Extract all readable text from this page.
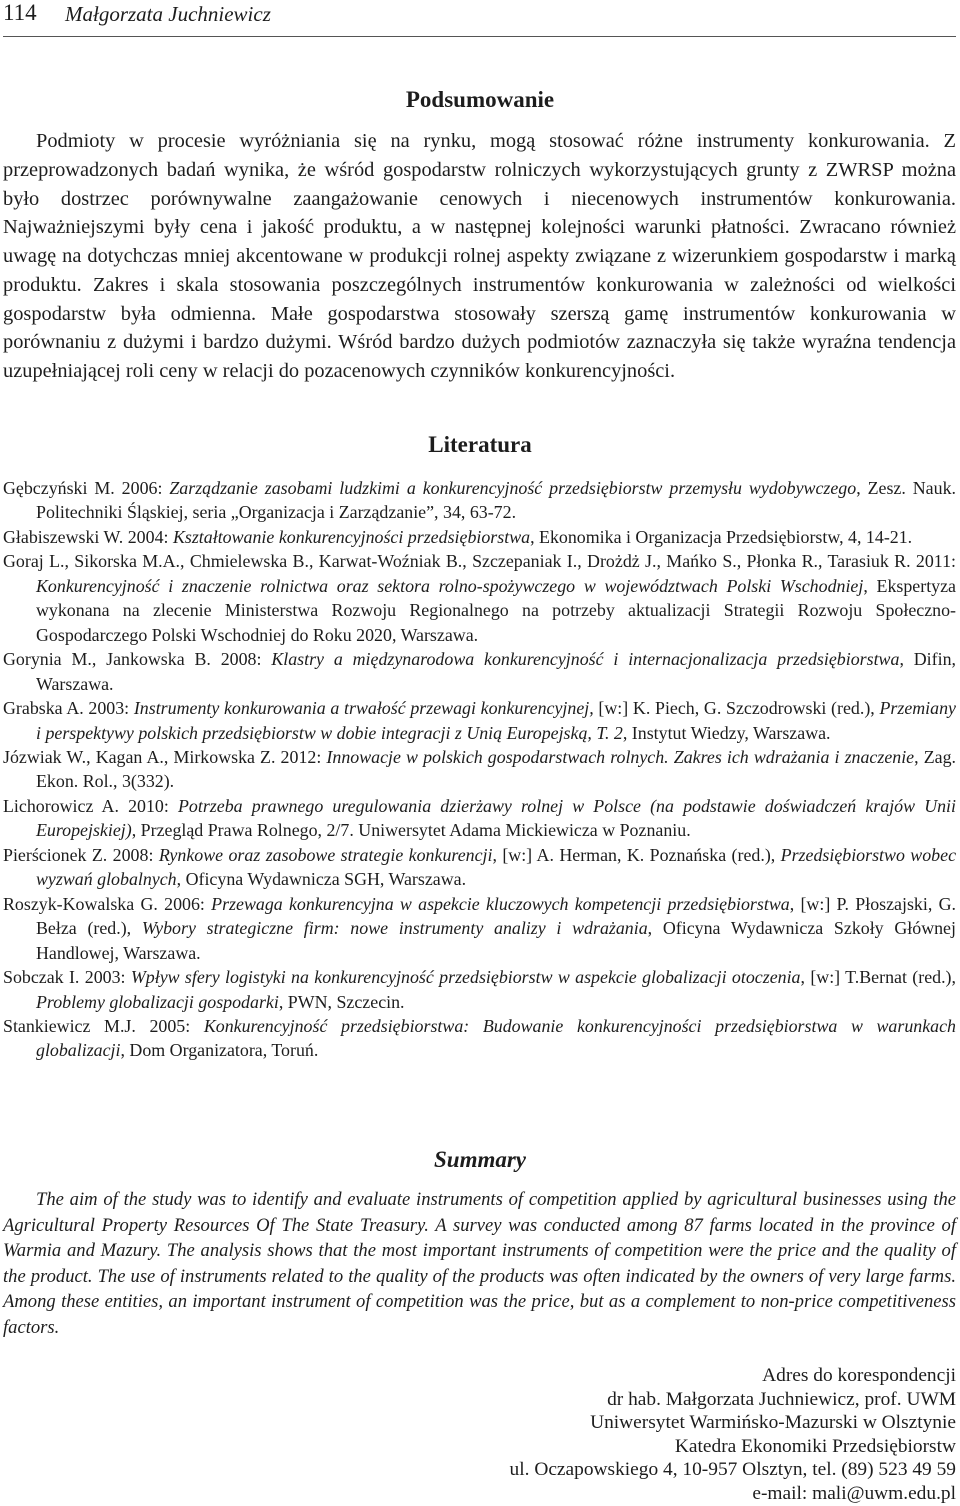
114 Małgorzata Juchniewicz
Podsumowanie

Podmioty w procesie wyróżniania się na rynku, mogą stosować różne instrumenty konkurowania. Z przeprowadzonych badań wynika, że wśród gospodarstw rolniczych wykorzystujących grunty z ZWRSP można było dostrzec porównywalne zaangażowanie cenowych i niecenowych instrumentów konkurowania. Najważniejszymi były cena i jakość produktu, a w następnej kolejności warunki płatności. Zwracano również uwagę na dotychczas mniej akcentowane w produkcji rolnej aspekty związane z wizerunkiem gospodarstw i marką produktu. Zakres i skala stosowania poszczególnych instrumentów konkurowania w zależności od wielkości gospodarstw była odmienna. Małe gospodarstwa stosowały szerszą gamę instrumentów konkurowania w porównaniu z dużymi i bardzo dużymi. Wśród bardzo dużych podmiotów zaznaczyła się także wyraźna tendencja uzupełniającej roli ceny w relacji do pozacenowych czynników konkurencyjności.

Literatura
Gębczyński M. 2006: Zarządzanie zasobami ludzkimi a konkurencyjność przedsiębiorstw przemysłu wydobywczego, Zesz. Nauk. Politechniki Śląskiej, seria „Organizacja i Zarządzanie”, 34, 63-72.
Głabiszewski W. 2004: Kształtowanie konkurencyjności przedsiębiorstwa, Ekonomika i Organizacja Przedsiębiorstw, 4, 14-21.
Goraj L., Sikorska M.A., Chmielewska B., Karwat-Woźniak B., Szczepaniak I., Drożdż J., Mańko S., Płonka R., Tarasiuk R. 2011: Konkurencyjność i znaczenie rolnictwa oraz sektora rolno-spożywczego w województwach Polski Wschodniej, Ekspertyza wykonana na zlecenie Ministerstwa Rozwoju Regionalnego na potrzeby aktualizacji Strategii Rozwoju Społeczno-Gospodarczego Polski Wschodniej do Roku 2020, Warszawa.
Gorynia M., Jankowska B. 2008: Klastry a międzynarodowa konkurencyjność i internacjonalizacja przedsiębiorstwa, Difin, Warszawa.
Grabska A. 2003: Instrumenty konkurowania a trwałość przewagi konkurencyjnej, [w:] K. Piech, G. Szczodrowski (red.), Przemiany i perspektywy polskich przedsiębiorstw w dobie integracji z Unią Europejską, T. 2, Instytut Wiedzy, Warszawa.
Józwiak W., Kagan A., Mirkowska Z. 2012: Innowacje w polskich gospodarstwach rolnych. Zakres ich wdrażania i znaczenie, Zag. Ekon. Rol., 3(332).
Lichorowicz A. 2010: Potrzeba prawnego uregulowania dzierżawy rolnej w Polsce (na podstawie doświadczeń krajów Unii Europejskiej), Przegląd Prawa Rolnego, 2/7. Uniwersytet Adama Mickiewicza w Poznaniu.
Pierścionek Z. 2008: Rynkowe oraz zasobowe strategie konkurencji, [w:] A. Herman, K. Poznańska (red.), Przedsiębiorstwo wobec wyzwań globalnych, Oficyna Wydawnicza SGH, Warszawa.
Roszyk-Kowalska G. 2006: Przewaga konkurencyjna w aspekcie kluczowych kompetencji przedsiębiorstwa, [w:] P. Płoszajski, G. Bełza (red.), Wybory strategiczne firm: nowe instrumenty analizy i wdrażania, Oficyna Wydawnicza Szkoły Głównej Handlowej, Warszawa.
Sobczak I. 2003: Wpływ sfery logistyki na konkurencyjność przedsiębiorstw w aspekcie globalizacji otoczenia, [w:] T.Bernat (red.), Problemy globalizacji gospodarki, PWN, Szczecin.
Stankiewicz M.J. 2005: Konkurencyjność przedsiębiorstwa: Budowanie konkurencyjności przedsiębiorstwa w warunkach globalizacji, Dom Organizatora, Toruń.
Summary

The aim of the study was to identify and evaluate instruments of competition applied by agricultural businesses using the Agricultural Property Resources Of The State Treasury. A survey was conducted among 87 farms located in the province of Warmia and Mazury. The analysis shows that the most important instruments of competition were the price and the quality of the product. The use of instruments related to the quality of the products was often indicated by the owners of very large farms. Among these entities, an important instrument of competition was the price, but as a complement to non-price competitiveness factors.

Adres do korespondencji
dr hab. Małgorzata Juchniewicz, prof. UWM
Uniwersytet Warmińsko-Mazurski w Olsztynie
Katedra Ekonomiki Przedsiębiorstw
ul. Oczapowskiego 4, 10-957 Olsztyn, tel. (89) 523 49 59
e-mail: mali@uwm.edu.pl
